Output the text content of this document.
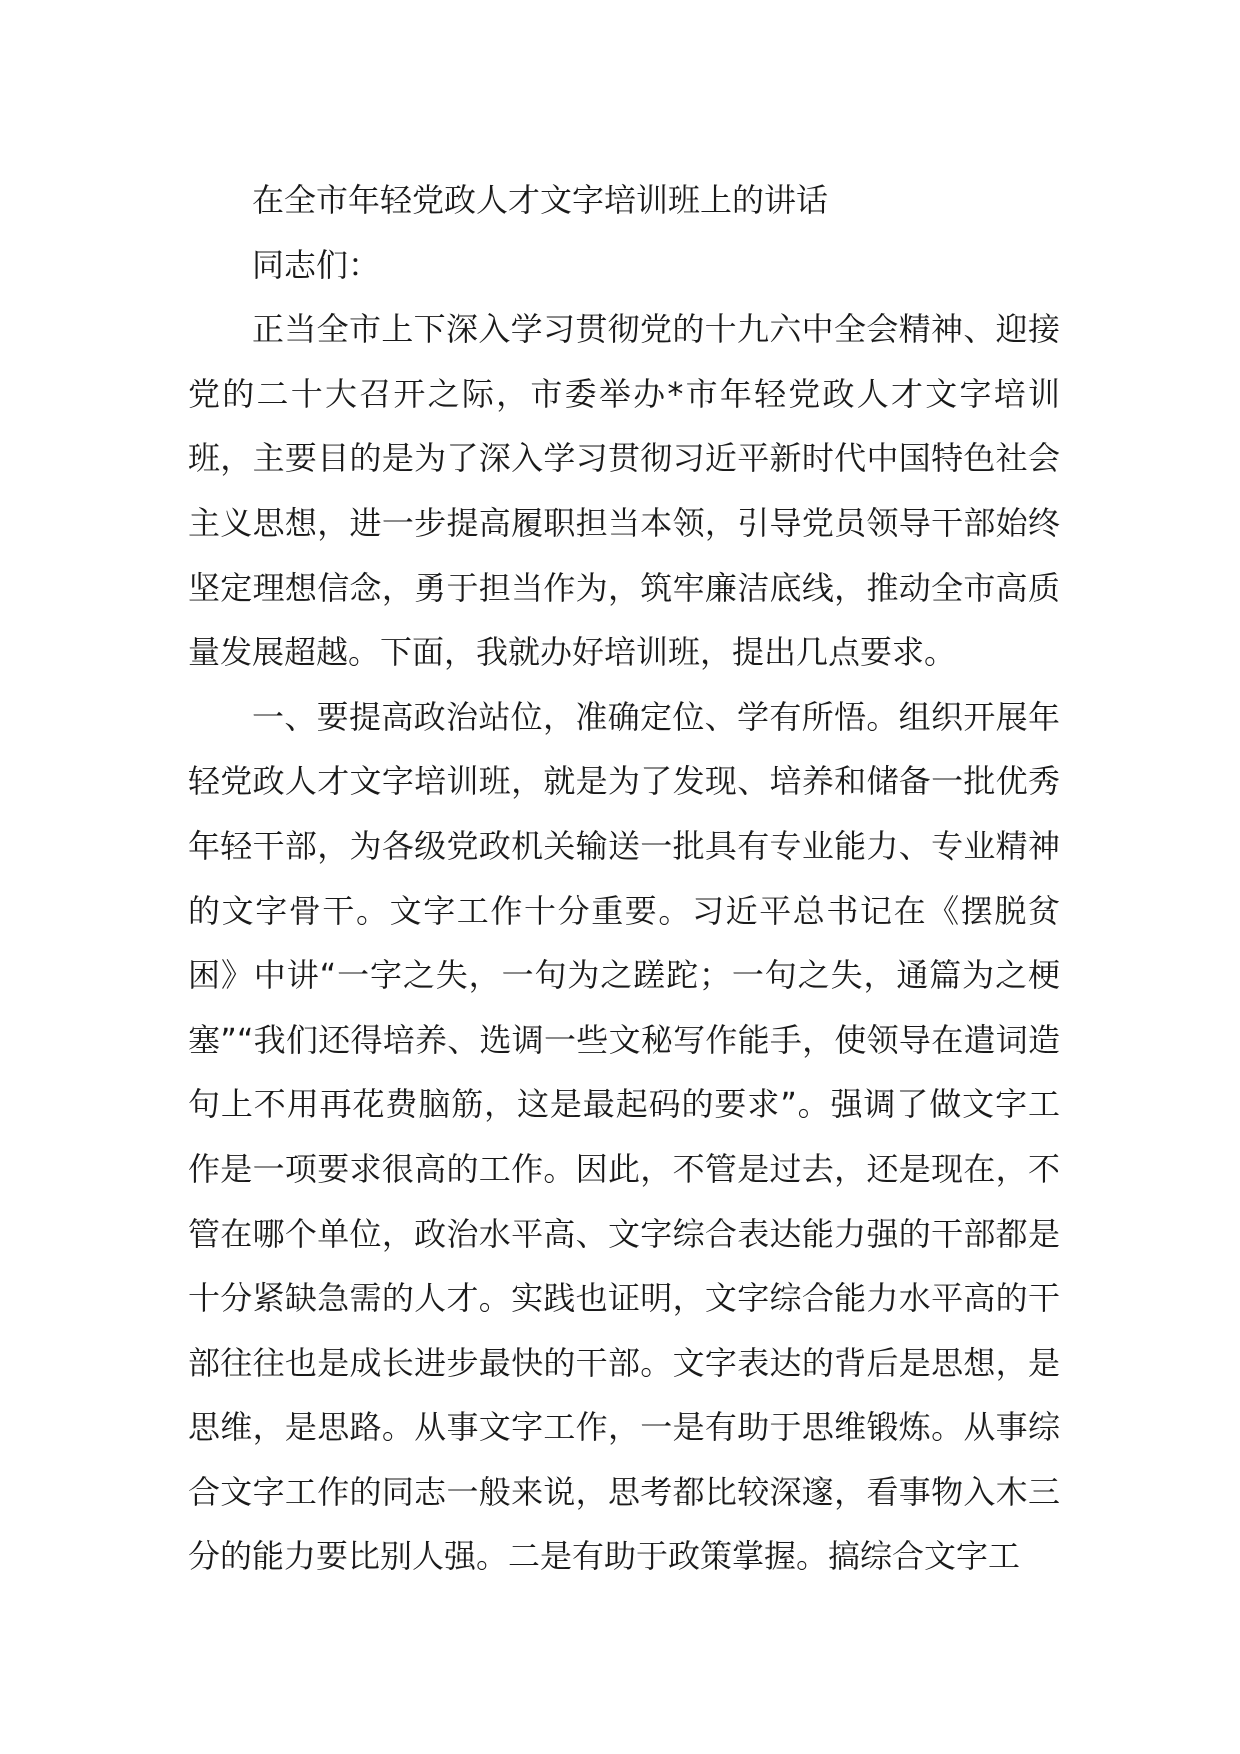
在全市年轻党政人才文字培训班上的讲话

同志们：

正当全市上下深入学习贯彻党的十九六中全会精神、迎接党的二十大召开之际，市委举办*市年轻党政人才文字培训班，主要目的是为了深入学习贯彻习近平新时代中国特色社会主义思想，进一步提高履职担当本领，引导党员领导干部始终坚定理想信念，勇于担当作为，筑牢廉洁底线，推动全市高质量发展超越。下面，我就办好培训班，提出几点要求。

一、要提高政治站位，准确定位、学有所悟。组织开展年轻党政人才文字培训班，就是为了发现、培养和储备一批优秀年轻干部，为各级党政机关输送一批具有专业能力、专业精神的文字骨干。文字工作十分重要。习近平总书记在《摆脱贫困》中讲“一字之失，一句为之蹉跎；一句之失，通篇为之梗塞”“我们还得培养、选调一些文秘写作能手，使领导在遣词造句上不用再花费脑筋，这是最起码的要求”。强调了做文字工作是一项要求很高的工作。因此，不管是过去，还是现在，不管在哪个单位，政治水平高、文字综合表达能力强的干部都是十分紧缺急需的人才。实践也证明，文字综合能力水平高的干部往往也是成长进步最快的干部。文字表达的背后是思想，是思维，是思路。从事文字工作，一是有助于思维锻炼。从事综合文字工作的同志一般来说，思考都比较深邃，看事物入木三分的能力要比别人强。二是有助于政策掌握。搞综合文字工
